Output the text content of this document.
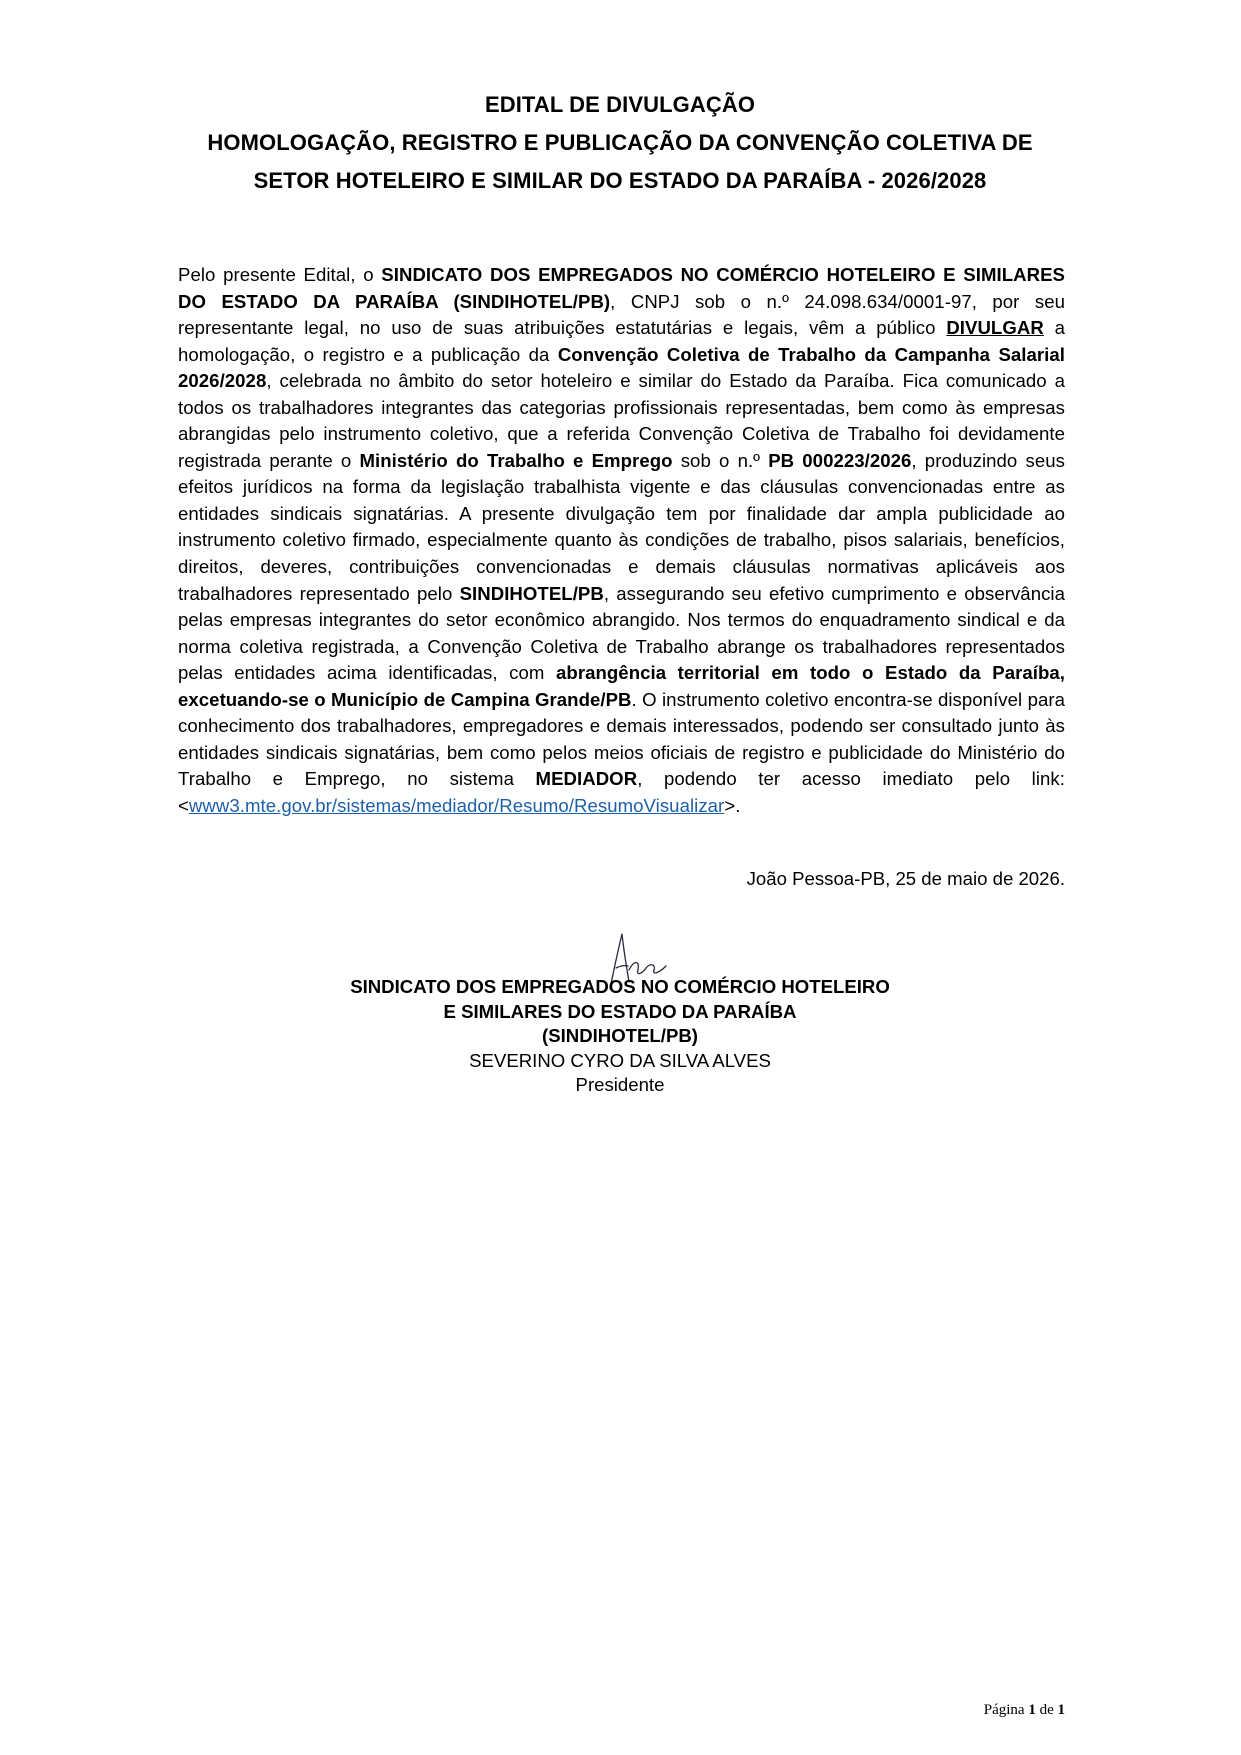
EDITAL DE DIVULGAÇÃO
HOMOLOGAÇÃO, REGISTRO E PUBLICAÇÃO DA CONVENÇÃO COLETIVA DE
SETOR HOTELEIRO E SIMILAR DO ESTADO DA PARAÍBA - 2026/2028
Pelo presente Edital, o SINDICATO DOS EMPREGADOS NO COMÉRCIO HOTELEIRO E SIMILARES DO ESTADO DA PARAÍBA (SINDIHOTEL/PB), CNPJ sob o n.º 24.098.634/0001-97, por seu representante legal, no uso de suas atribuições estatutárias e legais, vêm a público DIVULGAR a homologação, o registro e a publicação da Convenção Coletiva de Trabalho da Campanha Salarial 2026/2028, celebrada no âmbito do setor hoteleiro e similar do Estado da Paraíba. Fica comunicado a todos os trabalhadores integrantes das categorias profissionais representadas, bem como às empresas abrangidas pelo instrumento coletivo, que a referida Convenção Coletiva de Trabalho foi devidamente registrada perante o Ministério do Trabalho e Emprego sob o n.º PB 000223/2026, produzindo seus efeitos jurídicos na forma da legislação trabalhista vigente e das cláusulas convencionadas entre as entidades sindicais signatárias. A presente divulgação tem por finalidade dar ampla publicidade ao instrumento coletivo firmado, especialmente quanto às condições de trabalho, pisos salariais, benefícios, direitos, deveres, contribuições convencionadas e demais cláusulas normativas aplicáveis aos trabalhadores representado pelo SINDIHOTEL/PB, assegurando seu efetivo cumprimento e observância pelas empresas integrantes do setor econômico abrangido. Nos termos do enquadramento sindical e da norma coletiva registrada, a Convenção Coletiva de Trabalho abrange os trabalhadores representados pelas entidades acima identificadas, com abrangência territorial em todo o Estado da Paraíba, excetuando-se o Município de Campina Grande/PB. O instrumento coletivo encontra-se disponível para conhecimento dos trabalhadores, empregadores e demais interessados, podendo ser consultado junto às entidades sindicais signatárias, bem como pelos meios oficiais de registro e publicidade do Ministério do Trabalho e Emprego, no sistema MEDIADOR, podendo ter acesso imediato pelo link: <www3.mte.gov.br/sistemas/mediador/Resumo/ResumoVisualizar>.
João Pessoa-PB, 25 de maio de 2026.
SINDICATO DOS EMPREGADOS NO COMÉRCIO HOTELEIRO
E SIMILARES DO ESTADO DA PARAÍBA
(SINDIHOTEL/PB)
SEVERINO CYRO DA SILVA ALVES
Presidente
Página 1 de 1
